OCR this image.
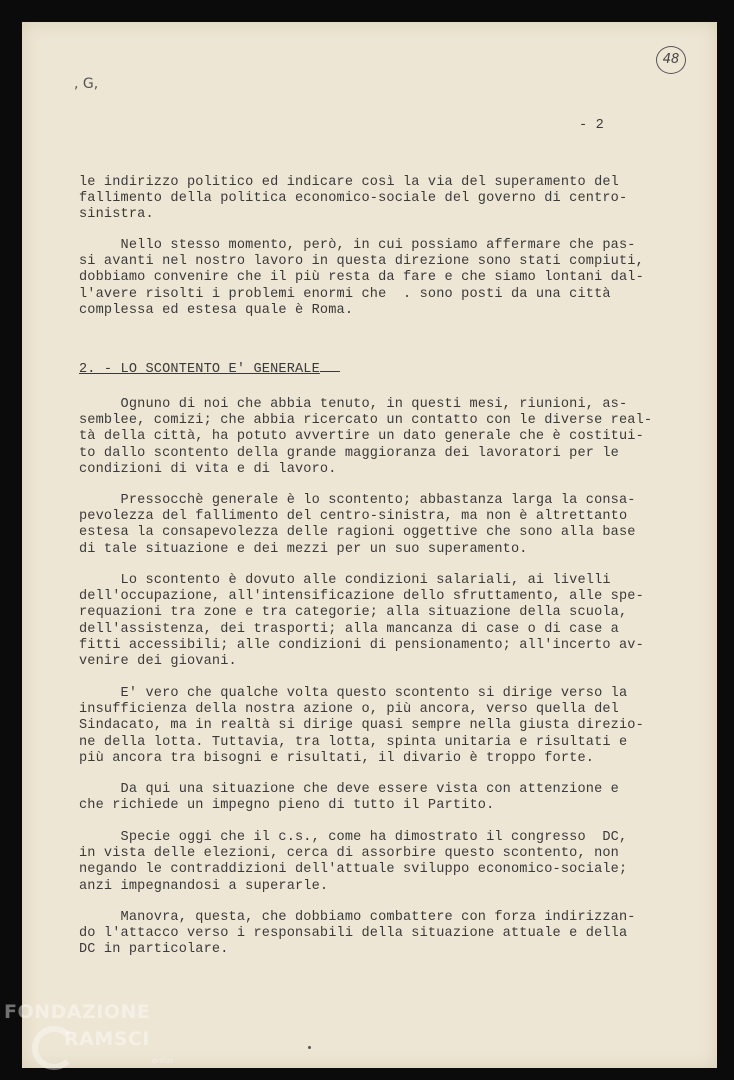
48
, G,
- 2

le indirizzo politico ed indicare così la via del superamento del
fallimento della politica economico-sociale del governo di centro-
sinistra.

Nello stesso momento, però, in cui possiamo affermare che pas-
si avanti nel nostro lavoro in questa direzione sono stati compiuti,
dobbiamo convenire che il più resta da fare e che siamo lontani dal-
l'avere risolti i problemi enormi che  . sono posti da una città
complessa ed estesa quale è Roma.

2. - LO SCONTENTO E' GENERALE

Ognuno di noi che abbia tenuto, in questi mesi, riunioni, as-
semblee, comizi; che abbia ricercato un contatto con le diverse real-
tà della città, ha potuto avvertire un dato generale che è costitui-
to dallo scontento della grande maggioranza dei lavoratori per le
condizioni di vita e di lavoro.

Pressocchè generale è lo scontento; abbastanza larga la consa-
pevolezza del fallimento del centro-sinistra, ma non è altrettanto
estesa la consapevolezza delle ragioni oggettive che sono alla base
di tale situazione e dei mezzi per un suo superamento.

Lo scontento è dovuto alle condizioni salariali, ai livelli
dell'occupazione, all'intensificazione dello sfruttamento, alle spe-
requazioni tra zone e tra categorie; alla situazione della scuola,
dell'assistenza, dei trasporti; alla mancanza di case o di case a
fitti accessibili; alle condizioni di pensionamento; all'incerto av-
venire dei giovani.

E' vero che qualche volta questo scontento si dirige verso la
insufficienza della nostra azione o, più ancora, verso quella del
Sindacato, ma in realtà si dirige quasi sempre nella giusta direzio-
ne della lotta. Tuttavia, tra lotta, spinta unitaria e risultati e
più ancora tra bisogni e risultati, il divario è troppo forte.

Da qui una situazione che deve essere vista con attenzione e
che richiede un impegno pieno di tutto il Partito.

Specie oggi che il c.s., come ha dimostrato il congresso  DC,
in vista delle elezioni, cerca di assorbire questo scontento, non
negando le contraddizioni dell'attuale sviluppo economico-sociale;
anzi impegnandosi a superarle.

Manovra, questa, che dobbiamo combattere con forza indirizzan-
do l'attacco verso i responsabili della situazione attuale e della
DC in particolare.

FONDAZIONE
RAMSCI
onlus
